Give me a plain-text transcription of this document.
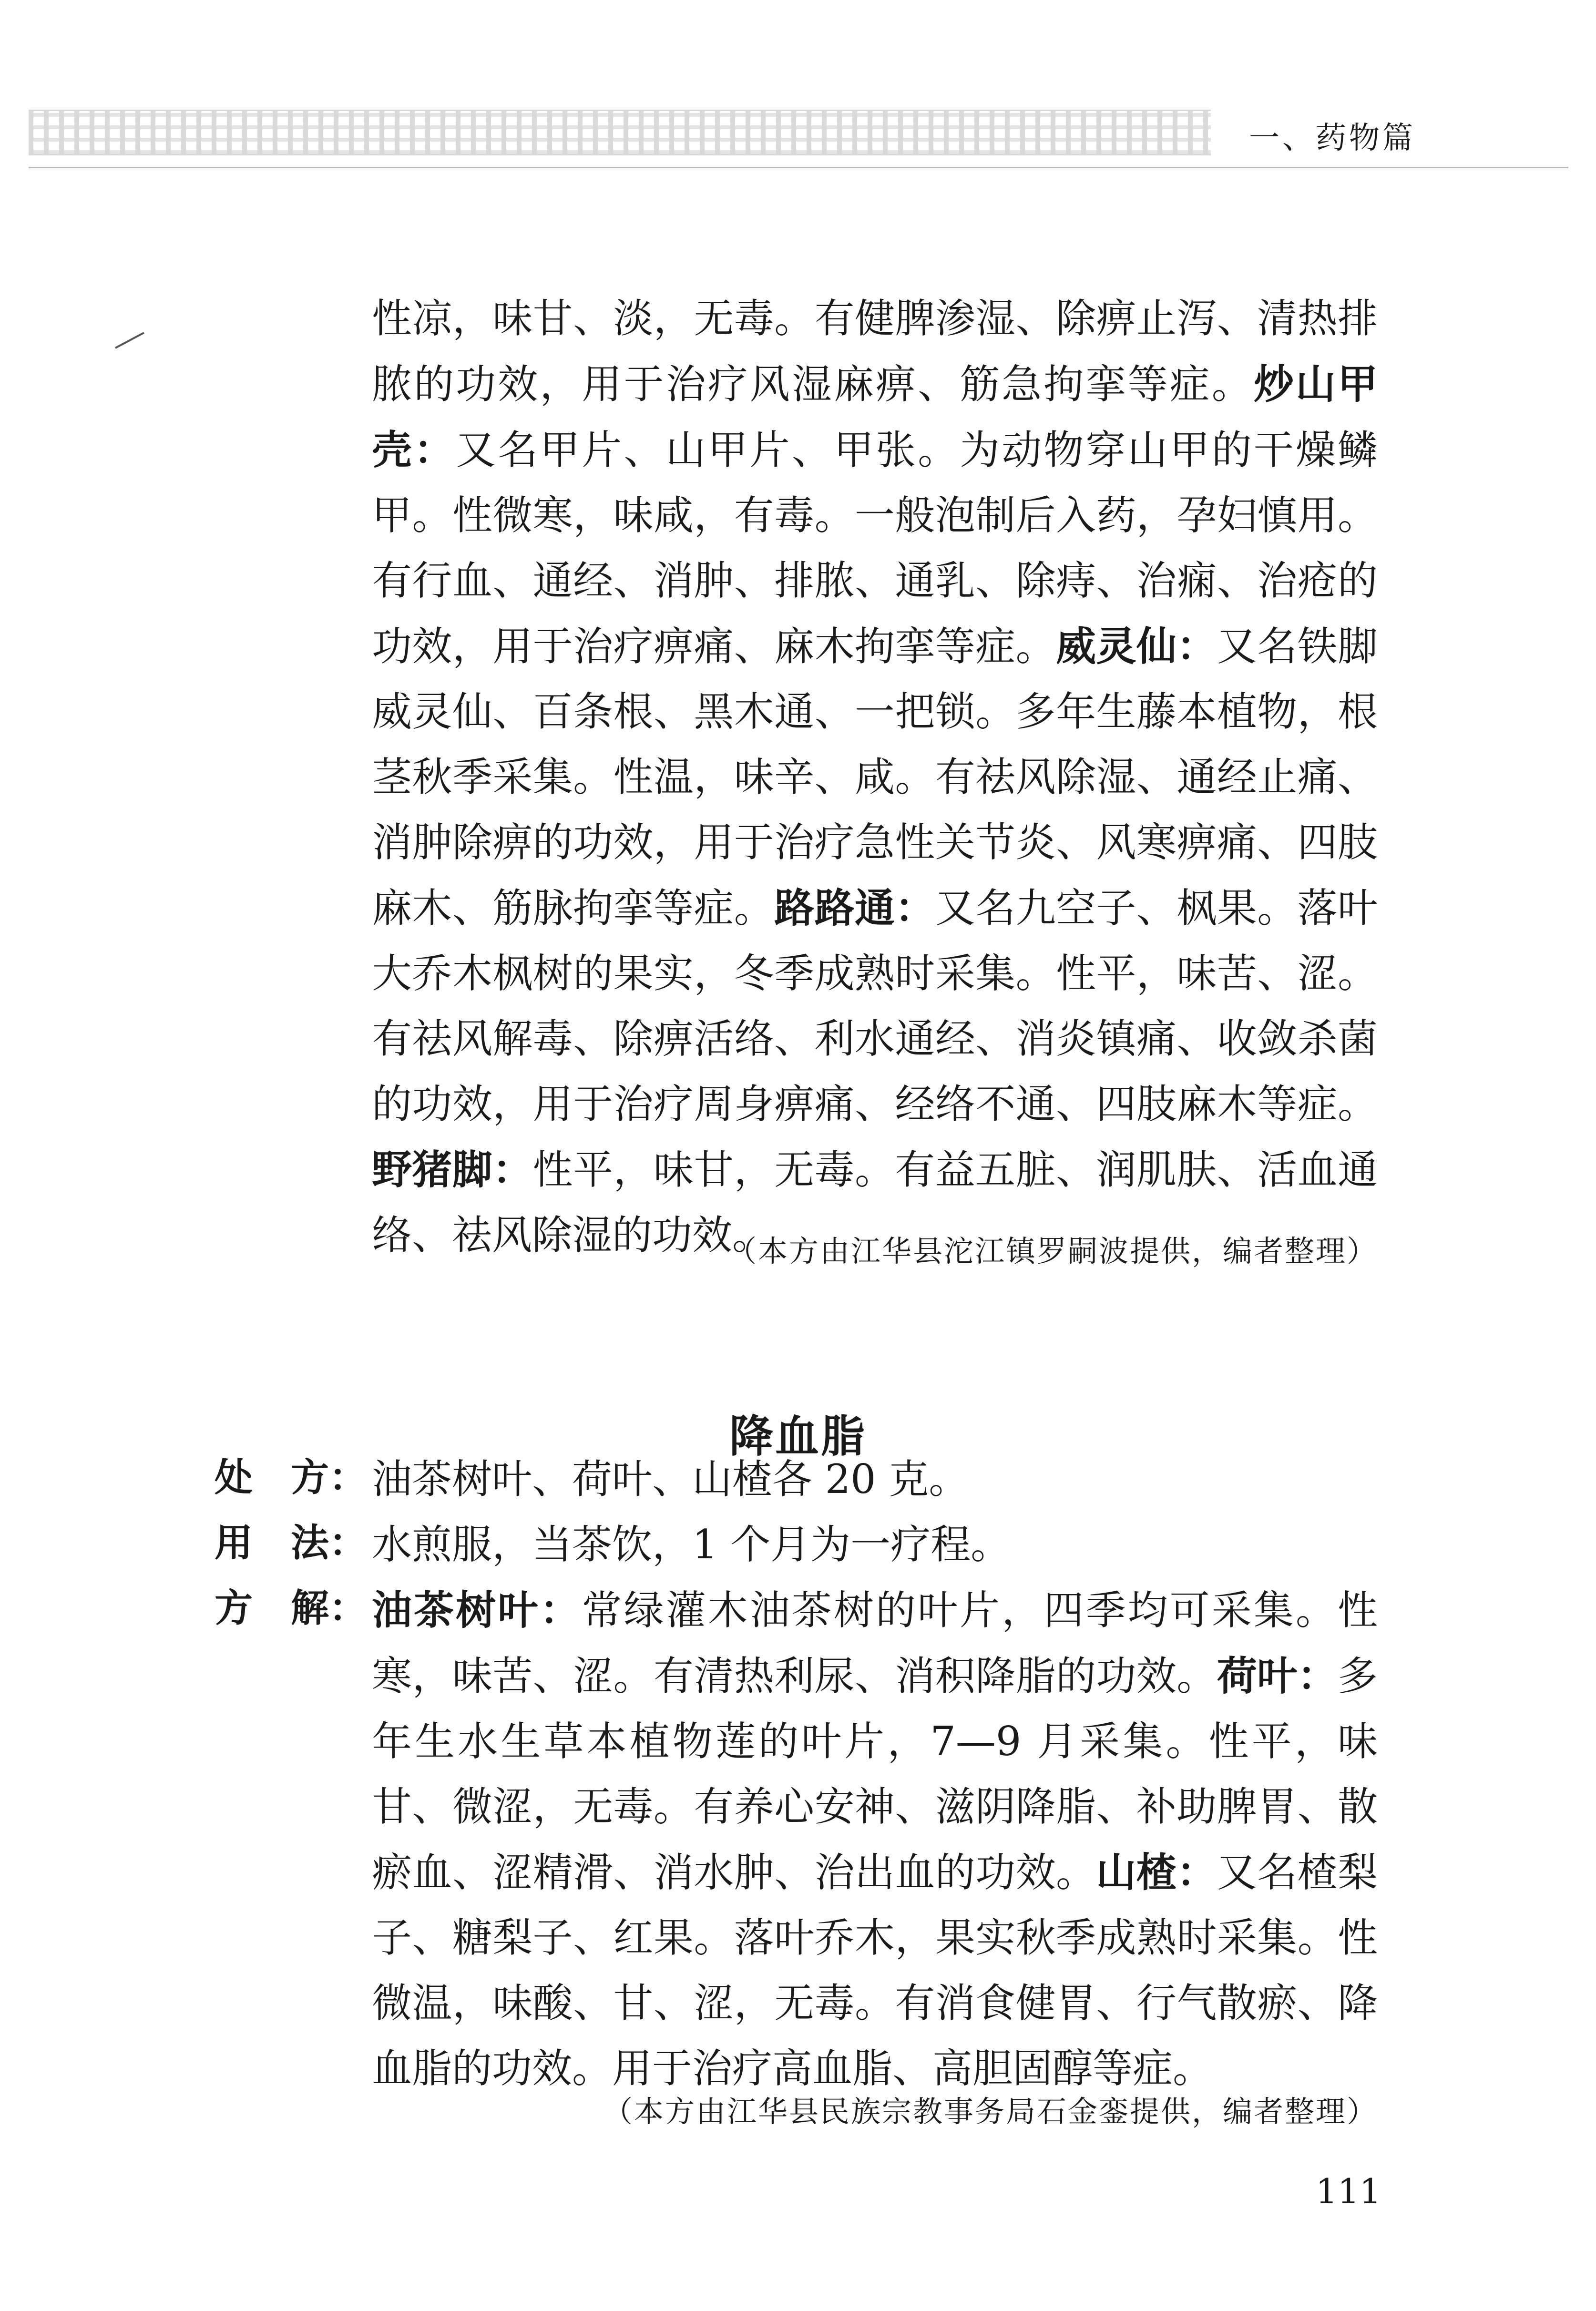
一、药物篇
性凉，味甘、淡，无毒。有健脾渗湿、除痹止泻、清热排脓的功效，用于治疗风湿麻痹、筋急拘挛等症。炒山甲壳：又名甲片、山甲片、甲张。为动物穿山甲的干燥鳞甲。性微寒，味咸，有毒。一般泡制后入药，孕妇慎用。有行血、通经、消肿、排脓、通乳、除痔、治痫、治疮的功效，用于治疗痹痛、麻木拘挛等症。威灵仙：又名铁脚威灵仙、百条根、黑木通、一把锁。多年生藤本植物，根茎秋季采集。性温，味辛、咸。有祛风除湿、通经止痛、消肿除痹的功效，用于治疗急性关节炎、风寒痹痛、四肢麻木、筋脉拘挛等症。路路通：又名九空子、枫果。落叶大乔木枫树的果实，冬季成熟时采集。性平，味苦、涩。有祛风解毒、除痹活络、利水通经、消炎镇痛、收敛杀菌的功效，用于治疗周身痹痛、经络不通、四肢麻木等症。野猪脚：性平，味甘，无毒。有益五脏、润肌肤、活血通络、祛风除湿的功效。
（本方由江华县沱江镇罗嗣波提供，编者整理）
降血脂
处　方： 油茶树叶、荷叶、山楂各 20 克。
用　法： 水煎服，当茶饮，1 个月为一疗程。
方　解： 油茶树叶：常绿灌木油茶树的叶片，四季均可采集。性寒，味苦、涩。有清热利尿、消积降脂的功效。荷叶：多年生水生草本植物莲的叶片，7—9 月采集。性平，味甘、微涩，无毒。有养心安神、滋阴降脂、补助脾胃、散瘀血、涩精滑、消水肿、治出血的功效。山楂：又名楂梨子、糖梨子、红果。落叶乔木，果实秋季成熟时采集。性微温，味酸、甘、涩，无毒。有消食健胃、行气散瘀、降血脂的功效。用于治疗高血脂、高胆固醇等症。
（本方由江华县民族宗教事务局石金銮提供，编者整理）
111
